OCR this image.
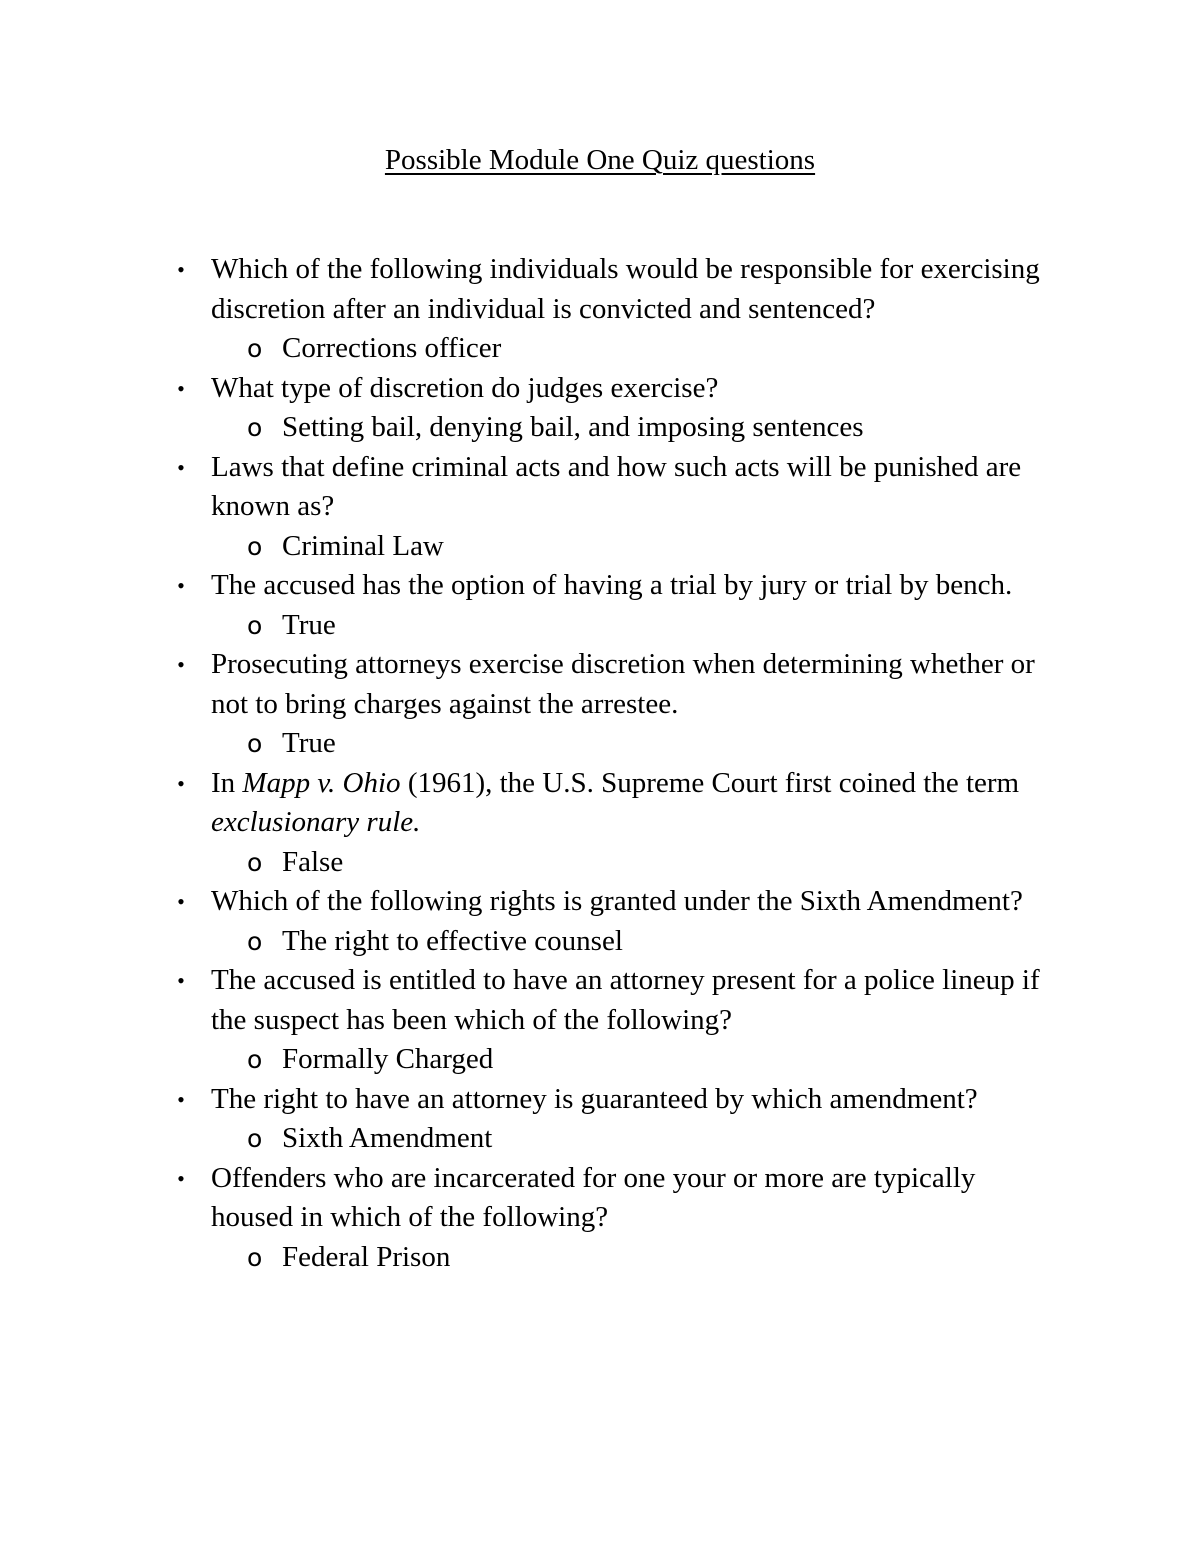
Possible Module One Quiz questions
• Which of the following individuals would be responsible for exercising discretion after an individual is convicted and sentenced?
o Corrections officer
• What type of discretion do judges exercise?
o Setting bail, denying bail, and imposing sentences
• Laws that define criminal acts and how such acts will be punished are known as?
o Criminal Law
• The accused has the option of having a trial by jury or trial by bench.
o True
• Prosecuting attorneys exercise discretion when determining whether or not to bring charges against the arrestee.
o True
• In Mapp v. Ohio (1961), the U.S. Supreme Court first coined the term exclusionary rule.
o False
• Which of the following rights is granted under the Sixth Amendment?
o The right to effective counsel
• The accused is entitled to have an attorney present for a police lineup if the suspect has been which of the following?
o Formally Charged
• The right to have an attorney is guaranteed by which amendment?
o Sixth Amendment
• Offenders who are incarcerated for one your or more are typically housed in which of the following?
o Federal Prison
